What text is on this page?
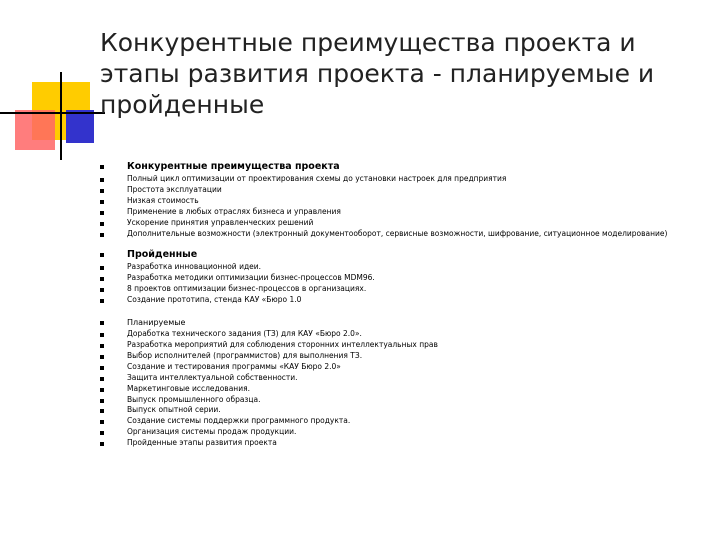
Конкурентные преимущества проекта и этапы развития проекта - планируемые и пройденные
Конкурентные преимущества проекта
Полный цикл оптимизации от проектирования схемы до установки настроек для предприятия
Простота эксплуатации
Низкая стоимость
Применение в любых отраслях бизнеса и управления
Ускорение принятия управленческих решений
Дополнительные возможности (электронный документооборот, сервисные возможности, шифрование, ситуационное моделирование)
Пройденные
Разработка инновационной идеи.
Разработка методики оптимизации бизнес-процессов MDM96.
8 проектов оптимизации бизнес-процессов в организациях.
Создание прототипа, стенда КАУ «Бюро 1.0
Планируемые
Доработка технического задания (ТЗ) для КАУ «Бюро 2.0».
Разработка мероприятий для соблюдения сторонних интеллектуальных прав
Выбор исполнителей (программистов) для выполнения ТЗ.
Создание и тестирования программы «КАУ Бюро 2.0»
Защита интеллектуальной собственности.
Маркетинговые исследования.
Выпуск промышленного образца.
Выпуск опытной серии.
Создание системы поддержки программного продукта.
Организация системы продаж продукции.
Пройденные этапы развития проекта
